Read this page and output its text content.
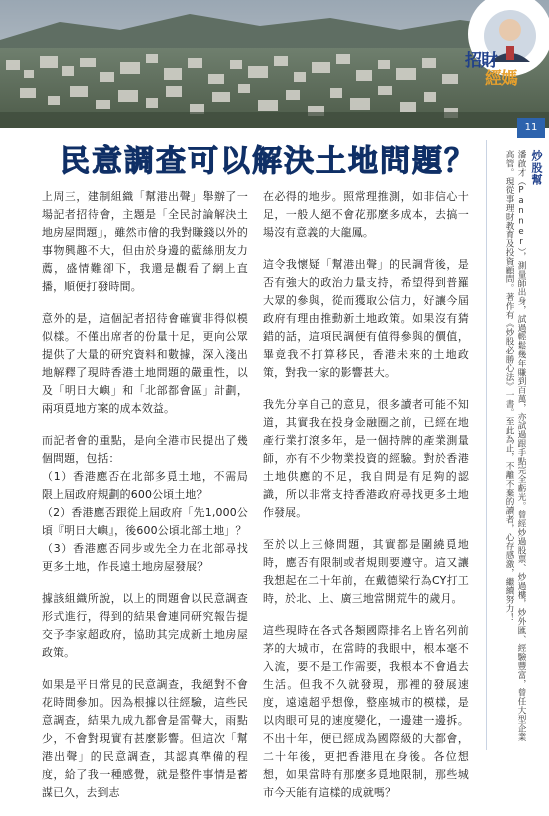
招財
經媽
民意調查可以解決土地問題？
11
炒股幫
潘啟才（Panner），測量師出身，試過輕鬆幾年賺到百萬，亦試過跟手點完全虧光。曾經炒過股票、炒過樓，炒外匯、經驗豐富，曾任大型企業高管。現從事理財教育及投資顧問。著作有《炒股必勝心法》一書。至此為止，不離不棄的讀者，心存感激，繼續努力！

上周三，建制組織「幫港出聲」舉辦了一場記者招待會，主題是「全民討論解決土地房屋問題」，雖然市儈的我對賺錢以外的事物興趣不大，但由於身邊的藍絲朋友力薦，盛情難卻下，我還是觀看了網上直播，順便打發時間。

意外的是，這個記者招待會確實非得似模似樣。不僅出席者的份量十足，更向公眾提供了大量的研究資料和數據，深入淺出地解釋了現時香港土地問題的嚴重性，以及「明日大嶼」和「北部都會區」計劃，兩項覓地方案的成本效益。

而記者會的重點，是向全港市民提出了幾個問題，包括：

（1）香港應否在北部多覓土地，不需局限上屆政府規劃的600公頃土地？

（2）香港應否跟從上屆政府「先1,000公頃『明日大嶼』，後600公頃北部土地」？

（3）香港應否同步或先全力在北部尋找更多土地，作長遠土地房屋發展？

據該組織所說，以上的問題會以民意調查形式進行，得到的結果會連同研究報告提交予李家超政府，協助其完成新土地房屋政策。

如果是平日常見的民意調查，我絕對不會花時間參加。因為根據以往經驗，這些民意調查，結果九成九都會是雷聲大，雨點少，不會對現實有甚麼影響。但這次「幫港出聲」的民意調查，其認真準備的程度，給了我一種感覺，就是整件事情是蓄謀已久，去到志

在必得的地步。照常理推測，如非信心十足，一般人絕不會花那麼多成本，去搞一場沒有意義的大龍鳳。

這令我懷疑「幫港出聲」的民調背後，是否有強大的政治力量支持，希望得到普羅大眾的參與，從而獲取公信力，好讓今屆政府有理由推動新土地政策。如果沒有猜錯的話，這項民調便有值得參與的價值，畢竟我不打算移民，香港未來的土地政策，對我一家的影響甚大。

我先分享自己的意見，很多讀者可能不知道，其實我在投身金融圈之前，已經在地產行業打滾多年，是一個持牌的產業測量師，亦有不少物業投資的經驗。對於香港土地供應的不足，我自問是有足夠的認識，所以非常支持香港政府尋找更多土地作發展。

至於以上三條問題，其實都是圍繞覓地時，應否有限制或者規則要遵守。這又讓我想起在二十年前，在戴德梁行為CY打工時，於北、上、廣三地當開荒牛的歲月。

這些現時在各式各類國際排名上皆名列前茅的大城市，在當時的我眼中，根本毫不入流，要不是工作需要，我根本不會過去生活。但我不久就發現，那裡的發展速度，遠遠超乎想像，整座城市的模樣，是以肉眼可見的速度變化，一邊建一邊拆。不出十年，便已經成為國際級的大都會，二十年後，更把香港甩在身後。各位想想，如果當時有那麼多覓地限制，那些城市今天能有這樣的成就嗎？
